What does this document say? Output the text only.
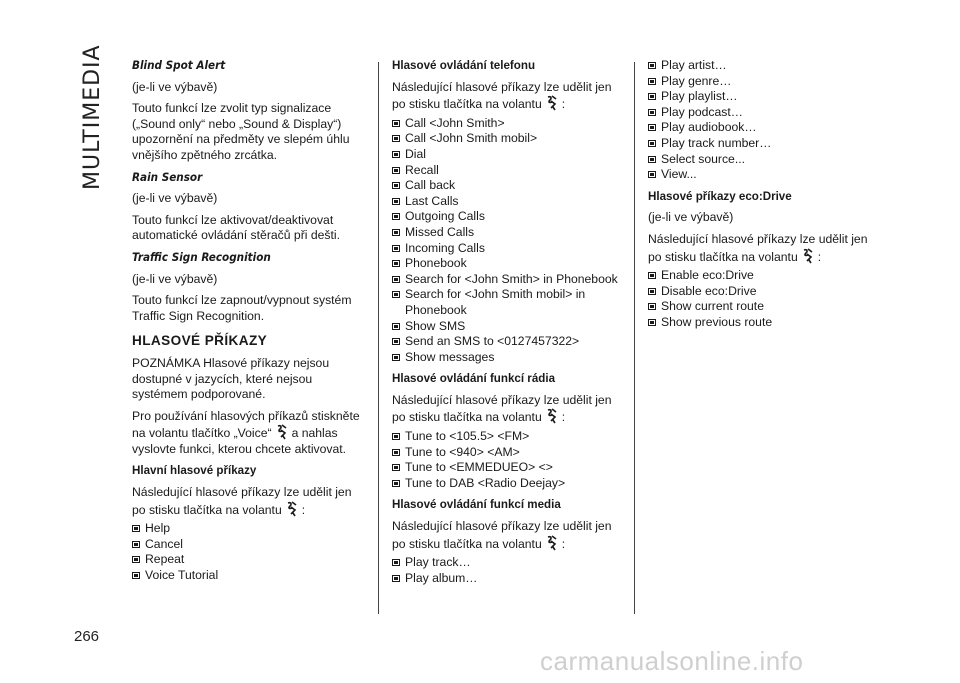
MULTIMEDIA Blind Spot Alert

(je-li ve výbavě)

Touto funkcí lze zvolit typ signalizace („Sound only“ nebo „Sound & Display“) upozornění na předměty ve slepém úhlu vnějšího zpětného zrcátka.

Rain Sensor

(je-li ve výbavě)

Touto funkcí lze aktivovat/deaktivovat automatické ovládání stěračů při dešti.

Traffic Sign Recognition

(je-li ve výbavě)

Touto funkcí lze zapnout/vypnout systém Traffic Sign Recognition.

HLASOVÉ PŘÍKAZY

POZNÁMKA Hlasové příkazy nejsou dostupné v jazycích, které nejsou systémem podporované.

Pro používání hlasových příkazů stiskněte na volantu tlačítko „Voice“ a nahlas vyslovte funkci, kterou chcete aktivovat.

Hlavní hlasové příkazy

Následující hlasové příkazy lze udělit jen po stisku tlačítka na volantu :

Help
Cancel
Repeat
Voice Tutorial

Hlasové ovládání telefonu

Následující hlasové příkazy lze udělit jen po stisku tlačítka na volantu :

Call <John Smith>
Call <John Smith mobil>
Dial
Recall
Call back
Last Calls
Outgoing Calls
Missed Calls
Incoming Calls
Phonebook
Search for <John Smith> in Phonebook
Search for <John Smith mobil> in Phonebook
Show SMS
Send an SMS to <0127457322>
Show messages

Hlasové ovládání funkcí rádia

Následující hlasové příkazy lze udělit jen po stisku tlačítka na volantu :

Tune to <105.5> <FM>
Tune to <940> <AM>
Tune to <EMMEDUEO> <>
Tune to DAB <Radio Deejay>

Hlasové ovládání funkcí media

Následující hlasové příkazy lze udělit jen po stisku tlačítka na volantu :

Play track…
Play album…
Play artist…
Play genre…
Play playlist…
Play podcast…
Play audiobook…
Play track number…
Select source...
View...

Hlasové příkazy eco:Drive

(je-li ve výbavě)

Následující hlasové příkazy lze udělit jen po stisku tlačítka na volantu :

Enable eco:Drive
Disable eco:Drive
Show current route
Show previous route
266
carmanualsonline.info
